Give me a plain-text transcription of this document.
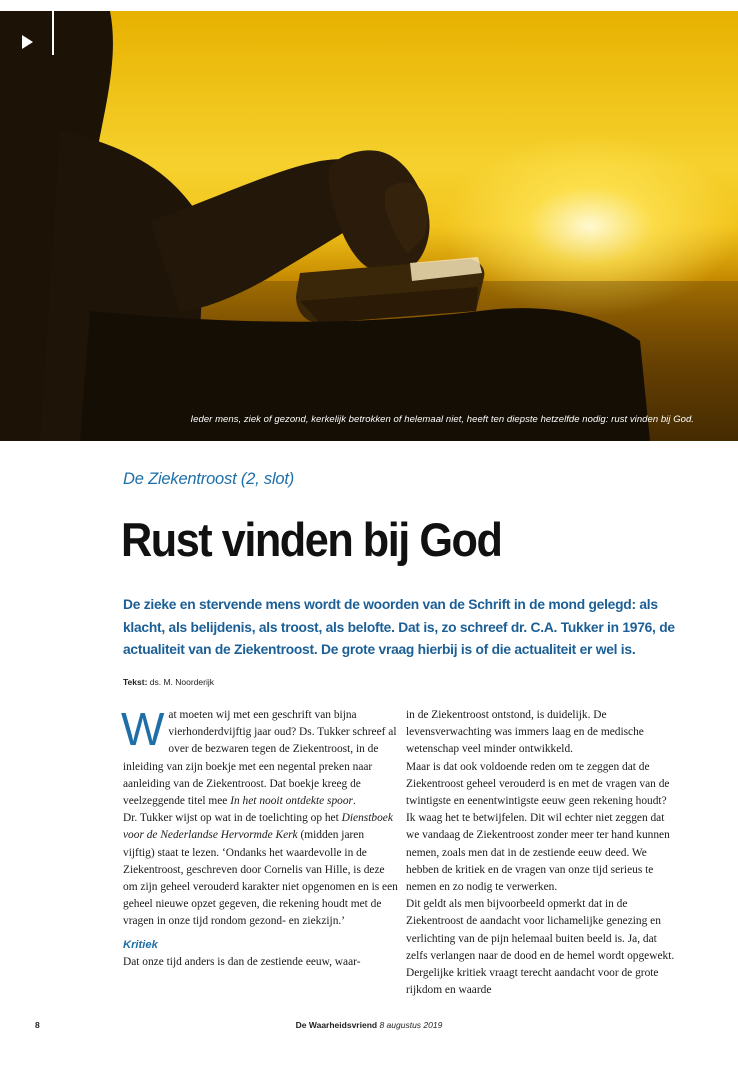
Ieder mens, ziek of gezond, kerkelijk betrokken of helemaal niet, heeft ten diepste hetzelfde nodig: rust vinden bij God.
De Ziekentroost (2, slot)
Rust vinden bij God

De zieke en stervende mens wordt de woorden van de Schrift in de mond gelegd: als klacht, als belijdenis, als troost, als belofte. Dat is, zo schreef dr. C.A. Tukker in 1976, de actualiteit van de Ziekentroost. De grote vraag hierbij is of die actualiteit er wel is.

Tekst: ds. M. Noorderijk

Wat moeten wij met een geschrift van bijna vierhonderdvijftig jaar oud? Ds. Tukker schreef al over de bezwaren tegen de Ziekentroost, in de inleiding van zijn boekje met een negental preken naar aanleiding van de Ziekentroost. Dat boekje kreeg de veelzeggende titel mee In het nooit ontdekte spoor.

Dr. Tukker wijst op wat in de toelichting op het Dienstboek voor de Nederlandse Hervormde Kerk (midden jaren vijftig) staat te lezen. ‘Ondanks het waardevolle in de Ziekentroost, geschreven door Cornelis van Hille, is deze om zijn geheel verouderd karakter niet opgenomen en is een geheel nieuwe opzet gegeven, die rekening houdt met de vragen in onze tijd rondom gezond- en ziekzijn.’

Kritiek

Dat onze tijd anders is dan de zestiende eeuw, waar-

in de Ziekentroost ontstond, is duidelijk. De levensverwachting was immers laag en de medische wetenschap veel minder ontwikkeld.

Maar is dat ook voldoende reden om te zeggen dat de Ziekentroost geheel verouderd is en met de vragen van de twintigste en eenentwintigste eeuw geen rekening houdt? Ik waag het te betwijfelen. Dit wil echter niet zeggen dat we vandaag de Ziekentroost zonder meer ter hand kunnen nemen, zoals men dat in de zestiende eeuw deed. We hebben de kritiek en de vragen van onze tijd serieus te nemen en zo nodig te verwerken.

Dit geldt als men bijvoorbeeld opmerkt dat in de Ziekentroost de aandacht voor lichamelijke genezing en verlichting van de pijn helemaal buiten beeld is. Ja, dat zelfs verlangen naar de dood en de hemel wordt opgewekt. Dergelijke kritiek vraagt terecht aandacht voor de grote rijkdom en waarde

8	De Waarheidsvriend 8 augustus 2019
